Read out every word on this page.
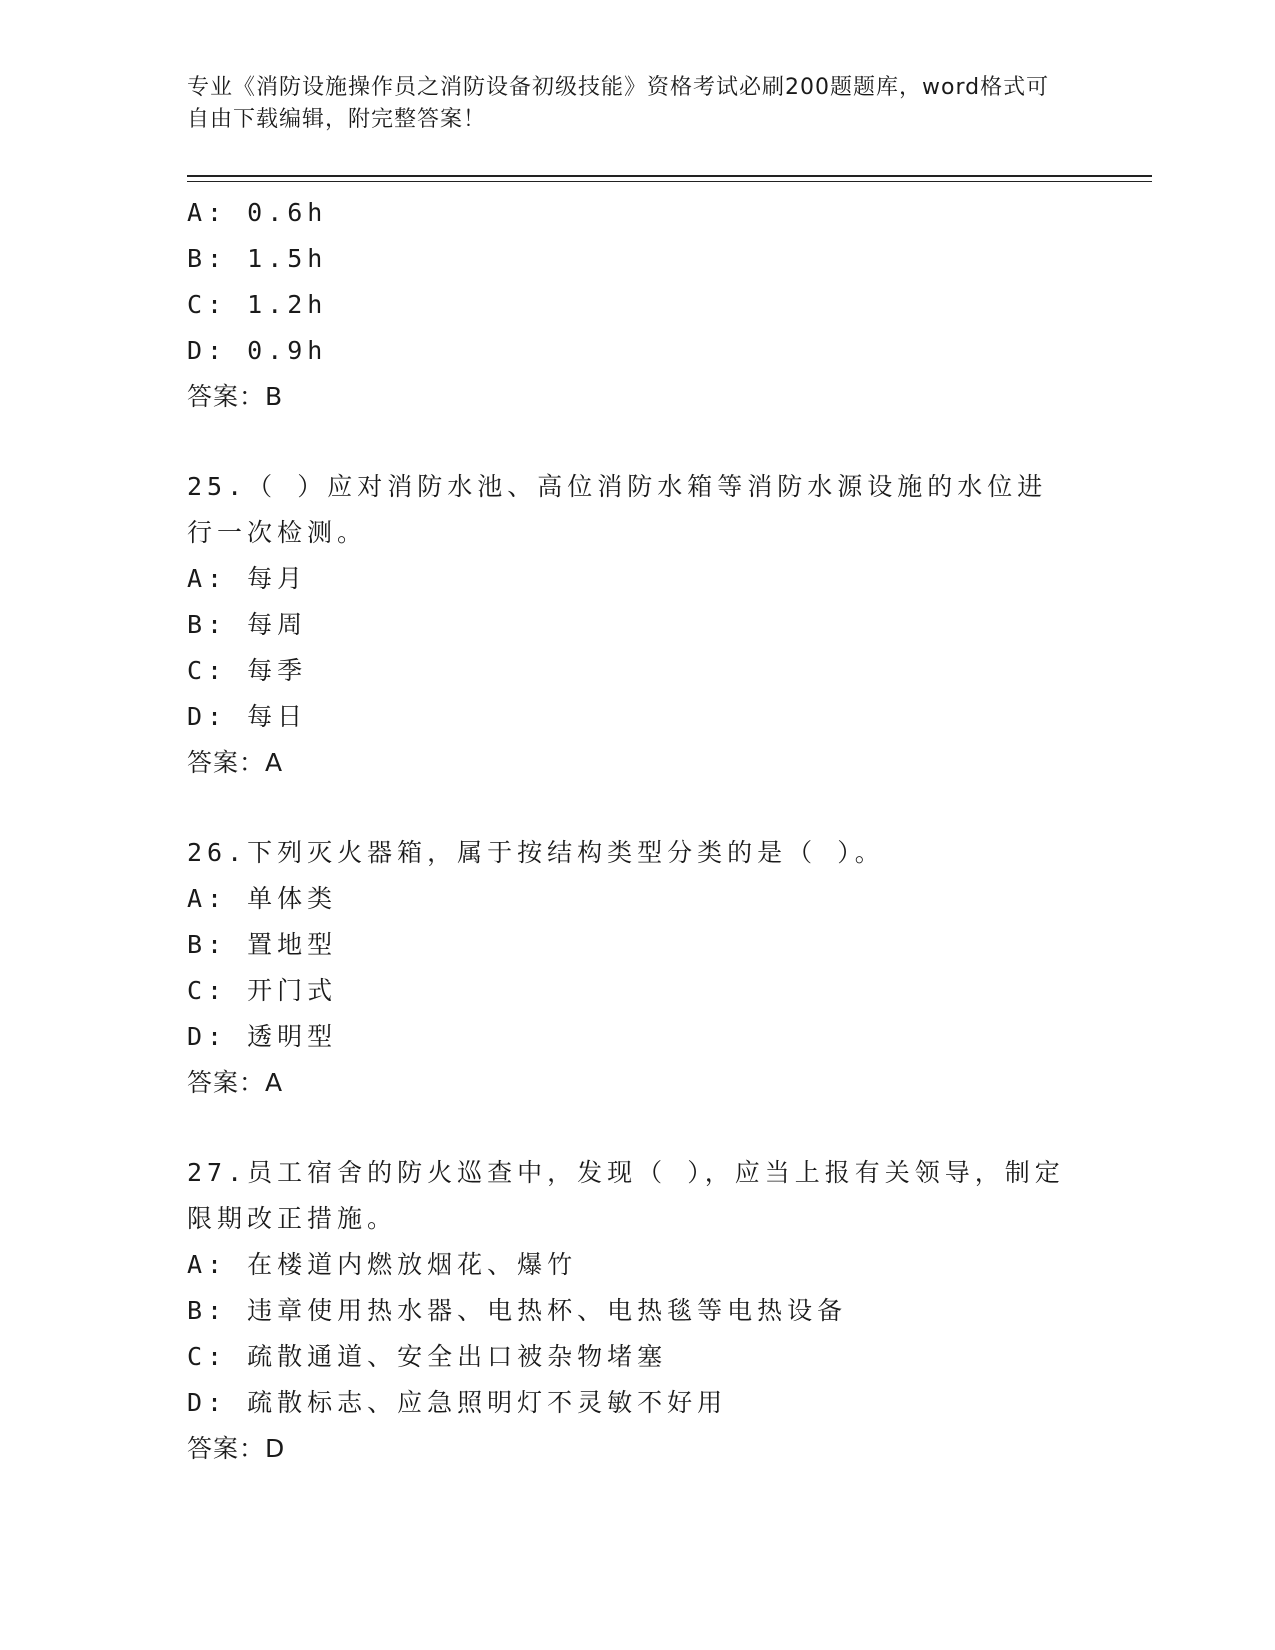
专业《消防设施操作员之消防设备初级技能》资格考试必刷200题题库，word格式可自由下载编辑，附完整答案！

A: 0.6h

B: 1.5h

C: 1.2h

D: 0.9h

答案：B

25.（ ）应对消防水池、高位消防水箱等消防水源设施的水位进行一次检测。

A: 每月

B: 每周

C: 每季

D: 每日

答案：A

26.下列灭火器箱，属于按结构类型分类的是（ ）。

A: 单体类

B: 置地型

C: 开门式

D: 透明型

答案：A

27.员工宿舍的防火巡查中，发现（ ），应当上报有关领导，制定限期改正措施。

A: 在楼道内燃放烟花、爆竹

B: 违章使用热水器、电热杯、电热毯等电热设备

C: 疏散通道、安全出口被杂物堵塞

D: 疏散标志、应急照明灯不灵敏不好用

答案：D
